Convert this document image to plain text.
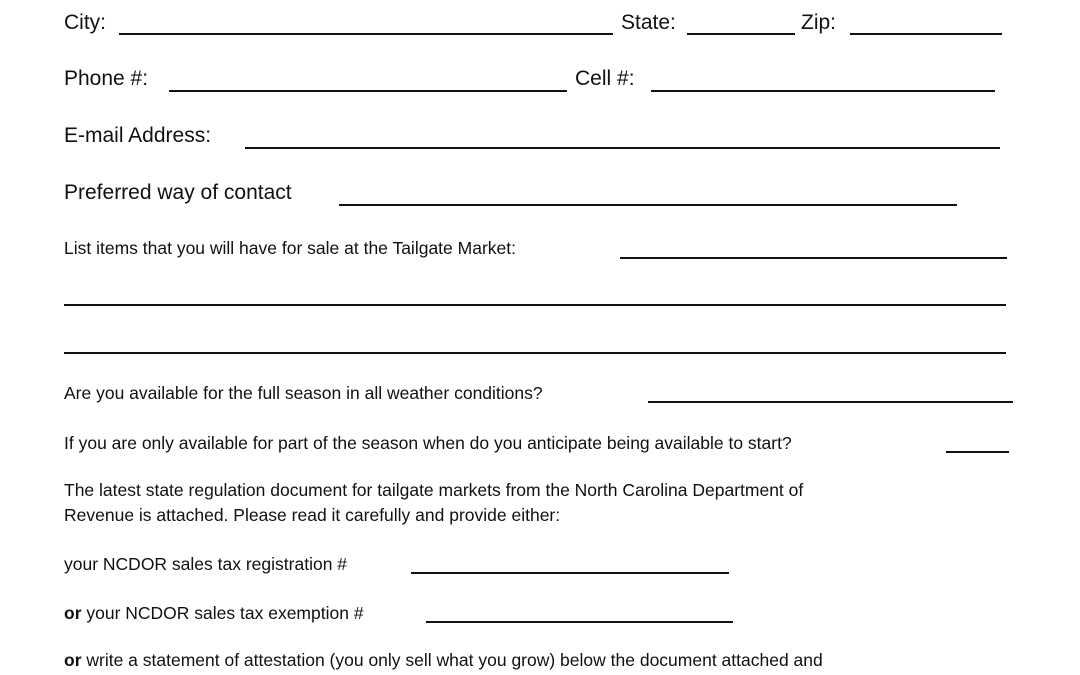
City:	State:	Zip:
Phone #:	Cell #:
E-mail Address:
Preferred way of contact
List items that you will have for sale at the Tailgate Market:
Are you available for the full season in all weather conditions?
If you are only available for part of the season when do you anticipate being available to start?
The latest state regulation document for tailgate markets from the North Carolina Department of
Revenue is attached. Please read it carefully and provide either:
your NCDOR sales tax registration #
or your NCDOR sales tax exemption #
or write a statement of attestation (you only sell what you grow) below the document attached and
